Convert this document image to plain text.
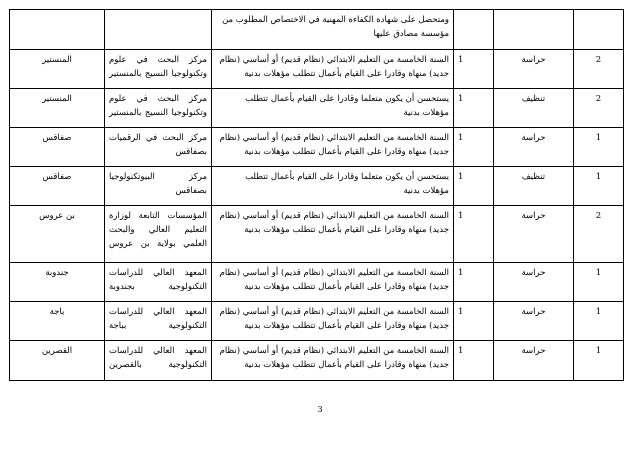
		ومتحصل على شهادة الكفاءة المهنية في الاختصاص المطلوب من مؤسسة مصادق عليها			
المنستير	مركز البحث في علوم وتكنولوجيا النسيج بالمنستير	السنة الخامسة من التعليم الابتدائي (نظام قديم) أو أساسي (نظام جديد) منهاة وقادرا على القيام بأعمال تتطلب مؤهلات بدنية	1	حراسة	2
المنستير	مركز البحث في علوم وتكنولوجيا النسيج بالمنستير	يستحسن أن يكون متعلما وقادرا على القيام بأعمال تتطلب مؤهلات بدنية	1	تنظيف	2
صفاقس	مركز البحث في الرقميات بصفاقس	السنة الخامسة من التعليم الابتدائي (نظام قديم) أو أساسي (نظام جديد) منهاة وقادرا على القيام بأعمال تتطلب مؤهلات بدنية	1	حراسة	1
صفاقس	مركز البيوتكنولوجيا بصفاقس	يستحسن أن يكون متعلما وقادرا على القيام بأعمال تتطلب مؤهلات بدنية	1	تنظيف	1
بن عروس	المؤسسات التابعة لوزارة التعليم العالي والبحث العلمي بولاية بن عروس	السنة الخامسة من التعليم الابتدائي (نظام قديم) أو أساسي (نظام جديد) منهاة وقادرا على القيام بأعمال تتطلب مؤهلات بدنية	1	حراسة	2
جندوبة	المعهد العالي للدراسات التكنولوجية بجندوبة	السنة الخامسة من التعليم الابتدائي (نظام قديم) أو أساسي (نظام جديد) منهاة وقادرا على القيام بأعمال تتطلب مؤهلات بدنية	1	حراسة	1
باجة	المعهد العالي للدراسات التكنولوجية بباجة	السنة الخامسة من التعليم الابتدائي (نظام قديم) أو أساسي (نظام جديد) منهاة وقادرا على القيام بأعمال تتطلب مؤهلات بدنية	1	حراسة	1
القصرين	المعهد العالي للدراسات التكنولوجية بالقصرين	السنة الخامسة من التعليم الابتدائي (نظام قديم) أو أساسي (نظام جديد) منهاة وقادرا على القيام بأعمال تتطلب مؤهلات بدنية	1	حراسة	1
3
